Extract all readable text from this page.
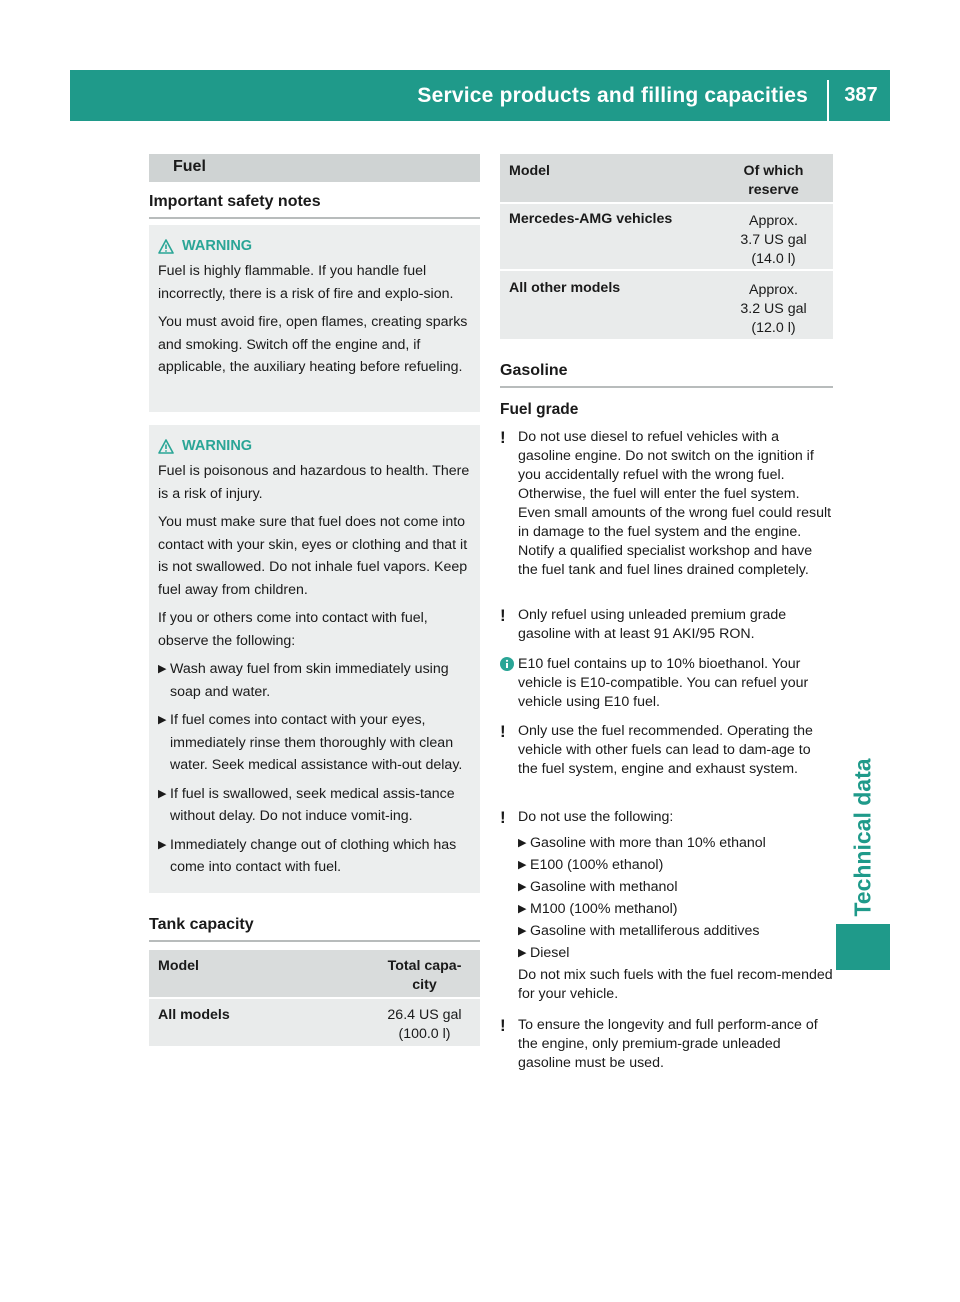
Service products and filling capacities	387
Technical data
Fuel
Important safety notes
WARNING

Fuel is highly flammable. If you handle fuel incorrectly, there is a risk of fire and explo-sion.

You must avoid fire, open flames, creating sparks and smoking. Switch off the engine and, if applicable, the auxiliary heating before refueling.

WARNING

Fuel is poisonous and hazardous to health. There is a risk of injury.

You must make sure that fuel does not come into contact with your skin, eyes or clothing and that it is not swallowed. Do not inhale fuel vapors. Keep fuel away from children.

If you or others come into contact with fuel, observe the following:

▶ Wash away fuel from skin immediately using soap and water.
▶ If fuel comes into contact with your eyes, immediately rinse them thoroughly with clean water. Seek medical assistance with-out delay.
▶ If fuel is swallowed, seek medical assis-tance without delay. Do not induce vomit-ing.
▶ Immediately change out of clothing which has come into contact with fuel.
Tank capacity
Model	Total capa-city

All models	26.4 US gal
(100.0 l)
Model	Of which reserve

Mercedes-AMG vehicles	Approx.
3.7 US gal
(14.0 l)

All other models	Approx.
3.2 US gal
(12.0 l)
Gasoline
Fuel grade
! Do not use diesel to refuel vehicles with a gasoline engine. Do not switch on the ignition if you accidentally refuel with the wrong fuel. Otherwise, the fuel will enter the fuel system. Even small amounts of the wrong fuel could result in damage to the fuel system and the engine. Notify a qualified specialist workshop and have the fuel tank and fuel lines drained completely.
! Only refuel using unleaded premium grade gasoline with at least 91 AKI/95 RON.
E10 fuel contains up to 10% bioethanol. Your vehicle is E10-compatible. You can refuel your vehicle using E10 fuel.
! Only use the fuel recommended. Operating the vehicle with other fuels can lead to dam-age to the fuel system, engine and exhaust system.
! Do not use the following:
▶ Gasoline with more than 10% ethanol
▶ E100 (100% ethanol)
▶ Gasoline with methanol
▶ M100 (100% methanol)
▶ Gasoline with metalliferous additives
▶ Diesel
Do not mix such fuels with the fuel recom-mended for your vehicle.
! To ensure the longevity and full perform-ance of the engine, only premium-grade unleaded gasoline must be used.
